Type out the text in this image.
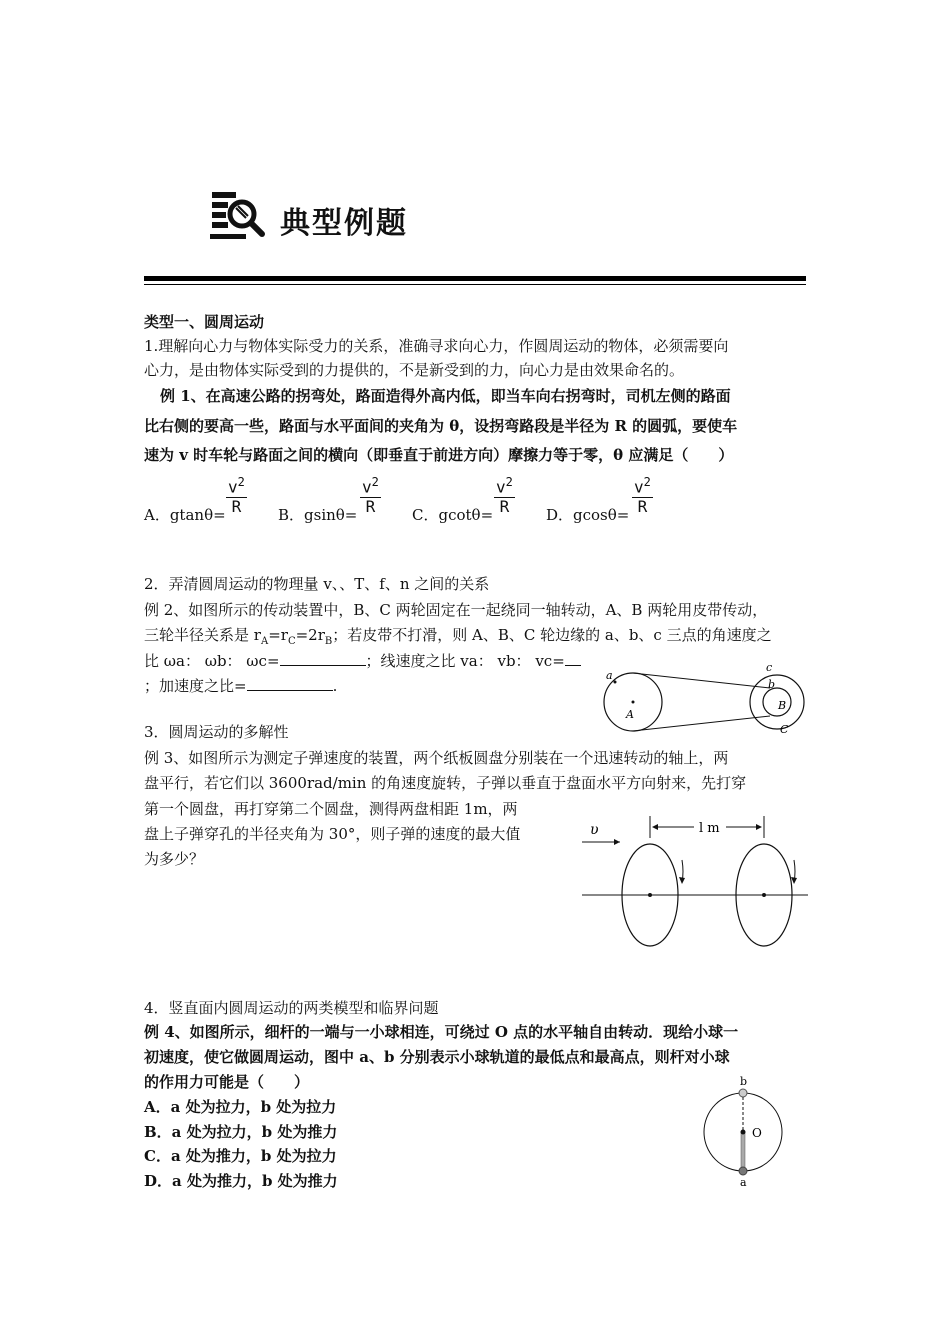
典型例题
类型一、圆周运动
1.理解向心力与物体实际受力的关系，准确寻求向心力，作圆周运动的物体，必须需要向
心力，是由物体实际受到的力提供的，不是新受到的力，向心力是由效果命名的。
例 1、在高速公路的拐弯处，路面造得外高内低，即当车向右拐弯时，司机左侧的路面
比右侧的要高一些，路面与水平面间的夹角为 θ，设拐弯路段是半径为 R 的圆弧，要使车
速为 v 时车轮与路面之间的横向（即垂直于前进方向）摩擦力等于零，θ 应满足（　　）
A．$gtan\theta= \frac{v^2}{R}$ B．$gsin\theta= \frac{v^2}{R}$ C．$gcot\theta= \frac{v^2}{R}$ D．$gcos\theta= \frac{v^2}{R}$
2．弄清圆周运动的物理量 v、、T、f、n 之间的关系
例 2、如图所示的传动装置中，B、C 两轮固定在一起绕同一轴转动，A、B 两轮用皮带传动，
三轮半径关系是 $r_A=r_C=2r_B$；若皮带不打滑，则 A、B、C 轮边缘的 a、b、c 三点的角速度之
比 ωa： ωb： ωc=	；线速度之比 va： vb： vc=
；加速度之比=	.
a
A
c
b
B
C
3．圆周运动的多解性
例 3、如图所示为测定子弹速度的装置，两个纸板圆盘分别装在一个迅速转动的轴上，两
盘平行，若它们以 3600rad/min 的角速度旋转，子弹以垂直于盘面水平方向射来，先打穿
第一个圆盘，再打穿第二个圆盘，测得两盘相距 1m，两
盘上子弹穿孔的半径夹角为 30°，则子弹的速度的最大值
为多少？
υ	l m
4．竖直面内圆周运动的两类模型和临界问题
例 4、如图所示，细杆的一端与一小球相连，可绕过 O 点的水平轴自由转动．现给小球一
初速度，使它做圆周运动，图中 a、b 分别表示小球轨道的最低点和最高点，则杆对小球
的作用力可能是（　　）
A．a 处为拉力，b 处为拉力
B．a 处为拉力，b 处为推力
C．a 处为推力，b 处为拉力
D．a 处为推力，b 处为推力
b
O
a
